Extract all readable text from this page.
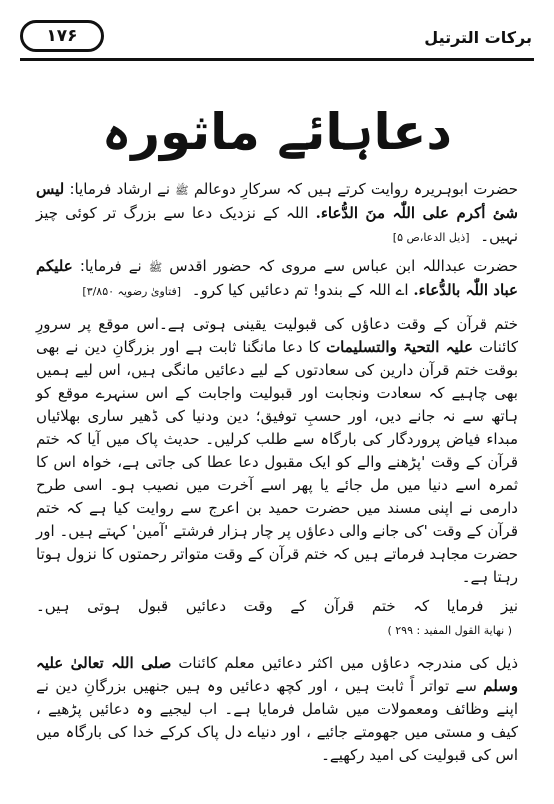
برکات الترتیل
۱۷۶
دعاہائے ماثورہ

حضرت ابوہریرہ روایت کرتے ہیں کہ سرکارِ دوعالم ﷺ نے ارشاد فرمایا: لیس شئ أکرم علی اللّٰہ منَ الدُّعاء. اللہ کے نزدیک دعا سے بزرگ تر کوئی چیز نہیں۔ [ذیل الدعا،ص ۵]

حضرت عبداللہ ابن عباس سے مروی کہ حضور اقدس ﷺ نے فرمایا: علیکم عباد اللّٰہ بالدُّعاء. اے اللہ کے بندو! تم دعائیں کیا کرو۔ [فتاویٰ رضویہ ۳/۸۵۰]

ختم قرآن کے وقت دعاؤں کی قبولیت یقینی ہوتی ہے۔اس موقع پر سرورِ کائنات علیہ التحیۃ والتسلیمات کا دعا مانگنا ثابت ہے اور بزرگانِ دین نے بھی بوقت ختم قرآن دارین کی سعادتوں کے لیے دعائیں مانگی ہیں، اس لیے ہمیں بھی چاہیے کہ سعادت ونجابت اور قبولیت واجابت کے اس سنہرے موقع کو ہاتھ سے نہ جانے دیں، اور حسبِ توفیق؛ دین ودنیا کی ڈھیر ساری بھلائیاں مبداء فیاض پروردگار کی بارگاہ سے طلب کرلیں۔ حدیث پاک میں آیا کہ ختم قرآن کے وقت 'پڑھنے والے کو ایک مقبول دعا عطا کی جاتی ہے، خواہ اس کا ثمرہ اسے دنیا میں مل جائے یا پھر اسے آخرت میں نصیب ہو۔ اسی طرح دارمی نے اپنی مسند میں حضرت حمید بن اعرج سے روایت کیا ہے کہ ختم قرآن کے وقت 'کی جانے والی دعاؤں پر چار ہزار فرشتے 'آمین' کہتے ہیں۔ اور حضرت مجاہد فرماتے ہیں کہ ختم قرآن کے وقت متواتر رحمتوں کا نزول ہوتا رہتا ہے۔

نیز فرمایا کہ ختم قرآن کے وقت دعائیں قبول ہوتی ہیں۔ ( نهاية القول المفيد : ٢٩٩ )

ذیل کی مندرجہ دعاؤں میں اکثر دعائیں معلم کائنات صلی اللہ تعالیٰ علیہ وسلم سے تواتر اً ثابت ہیں ، اور کچھ دعائیں وہ ہیں جنھیں بزرگانِ دین نے اپنے وظائف ومعمولات میں شامل فرمایا ہے۔ اب لیجیے وہ دعائیں پڑھیے ، کیف و مستی میں جھومتے جائیے ، اور دنیاے دل پاک کرکے خدا کی بارگاہ میں اس کی قبولیت کی امید رکھیے۔
